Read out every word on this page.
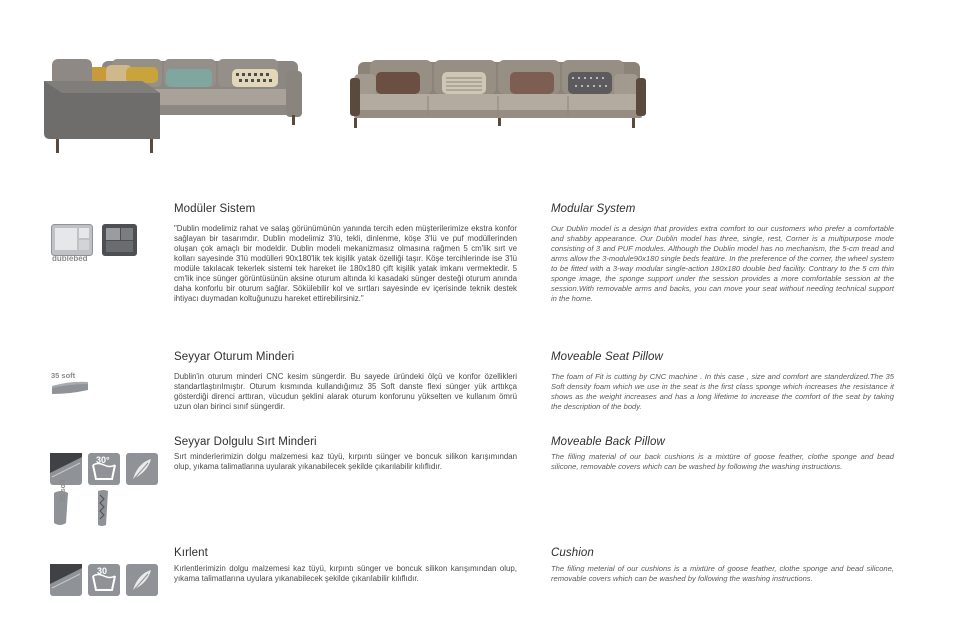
dublebed
Modüler Sistem
"Dublin modelimiz rahat ve salaş görünümünün yanında tercih eden müşterilerimize ekstra konfor sağlayan bir tasarımdır. Dublin modelimiz 3'lü, tekli, dinlenme, köşe 3'lü ve puf modüllerinden oluşan çok amaçlı bir modeldir. Dublin modeli mekanizmasız olmasına rağmen 5 cm'lik sırt ve kolları sayesinde 3'lü modülleri 90x180'lik tek kişilik yatak özelliği taşır. Köşe tercihlerinde ise 3'lü modüle takılacak tekerlek sistemi tek hareket ile 180x180 çift kişilik yatak imkanı vermektedir. 5 cm'lik ince sünger görüntüsünün aksine oturum altında ki kasadaki sünger desteği oturum anında daha konforlu bir oturum sağlar. Sökülebilir kol ve sırtları sayesinde ev içerisinde teknik destek ihtiyacı duymadan koltuğunuzu hareket ettirebilirsiniz."
Modular System
Our Dublin model is a design that provides extra comfort to our customers who prefer a comfortable and shabby appearance. Our Dublin model has three, single, rest, Corner is a multipurpose mode consisting of 3 and PUF modules. Although the Dublin model has no mechanism, the 5-cm tread and arms allow the 3-module90x180 single beds featüre. In the preference of the corner, the wheel system to be fitted with a 3-way modular single-action 180x180 double bed facility. Contrary to the 5 cm thin sponge image, the sponge support under the session provides a more comfortable session at the session.With removable arms and backs, you can move your seat without needing technical support in the home.
35 soft
Seyyar Oturum Minderi
Dublin'in oturum minderi CNC kesim süngerdir. Bu sayede üründeki ölçü ve konfor özellikleri standartlaştırılmıştır. Oturum kısmında kullandığımız 35 Soft danste flexi sünger yük arttıkça gösterdiği direnci arttıran, vücudun şeklini alarak oturum konforunu yükselten ve kullanım ömrü uzun olan birinci sınıf süngerdir.
Moveable Seat Pillow
The foam of Fit is cutting by CNC machine . In this case , size and comfort are standerdized.The 35 Soft density foam which we use in the seat is the first class sponge which increases the resistance it shows as the weight increases and has a long lifetime to increase the comfort of the seat by taking the description of the body.
30°
35 soft
Seyyar Dolgulu Sırt Minderi
Sırt minderlerimizin dolgu malzemesi kaz tüyü, kırpıntı sünger ve boncuk silikon karışımından olup, yıkama talimatlarına uyularak yıkanabilecek şekilde çıkarılabilir kılıflıdır.
Moveable Back Pillow
The filling material of our back cushions is a mixtüre of goose feather, clothe sponge and bead silicone, removable covers which can be washed by following the washing instructions.
30
Kırlent
Kırlentlerimizin dolgu malzemesi kaz tüyü, kırpıntı sünger ve boncuk silikon karışımından olup, yıkama talimatlarına uyulara yıkanabilecek şekilde çıkarılabilir kılıflıdır.
Cushion
The filling meterial of our cushions is a mixtüre of goose feather, clothe sponge and bead silicone, removable covers which can be washed by following the washing instructions.
